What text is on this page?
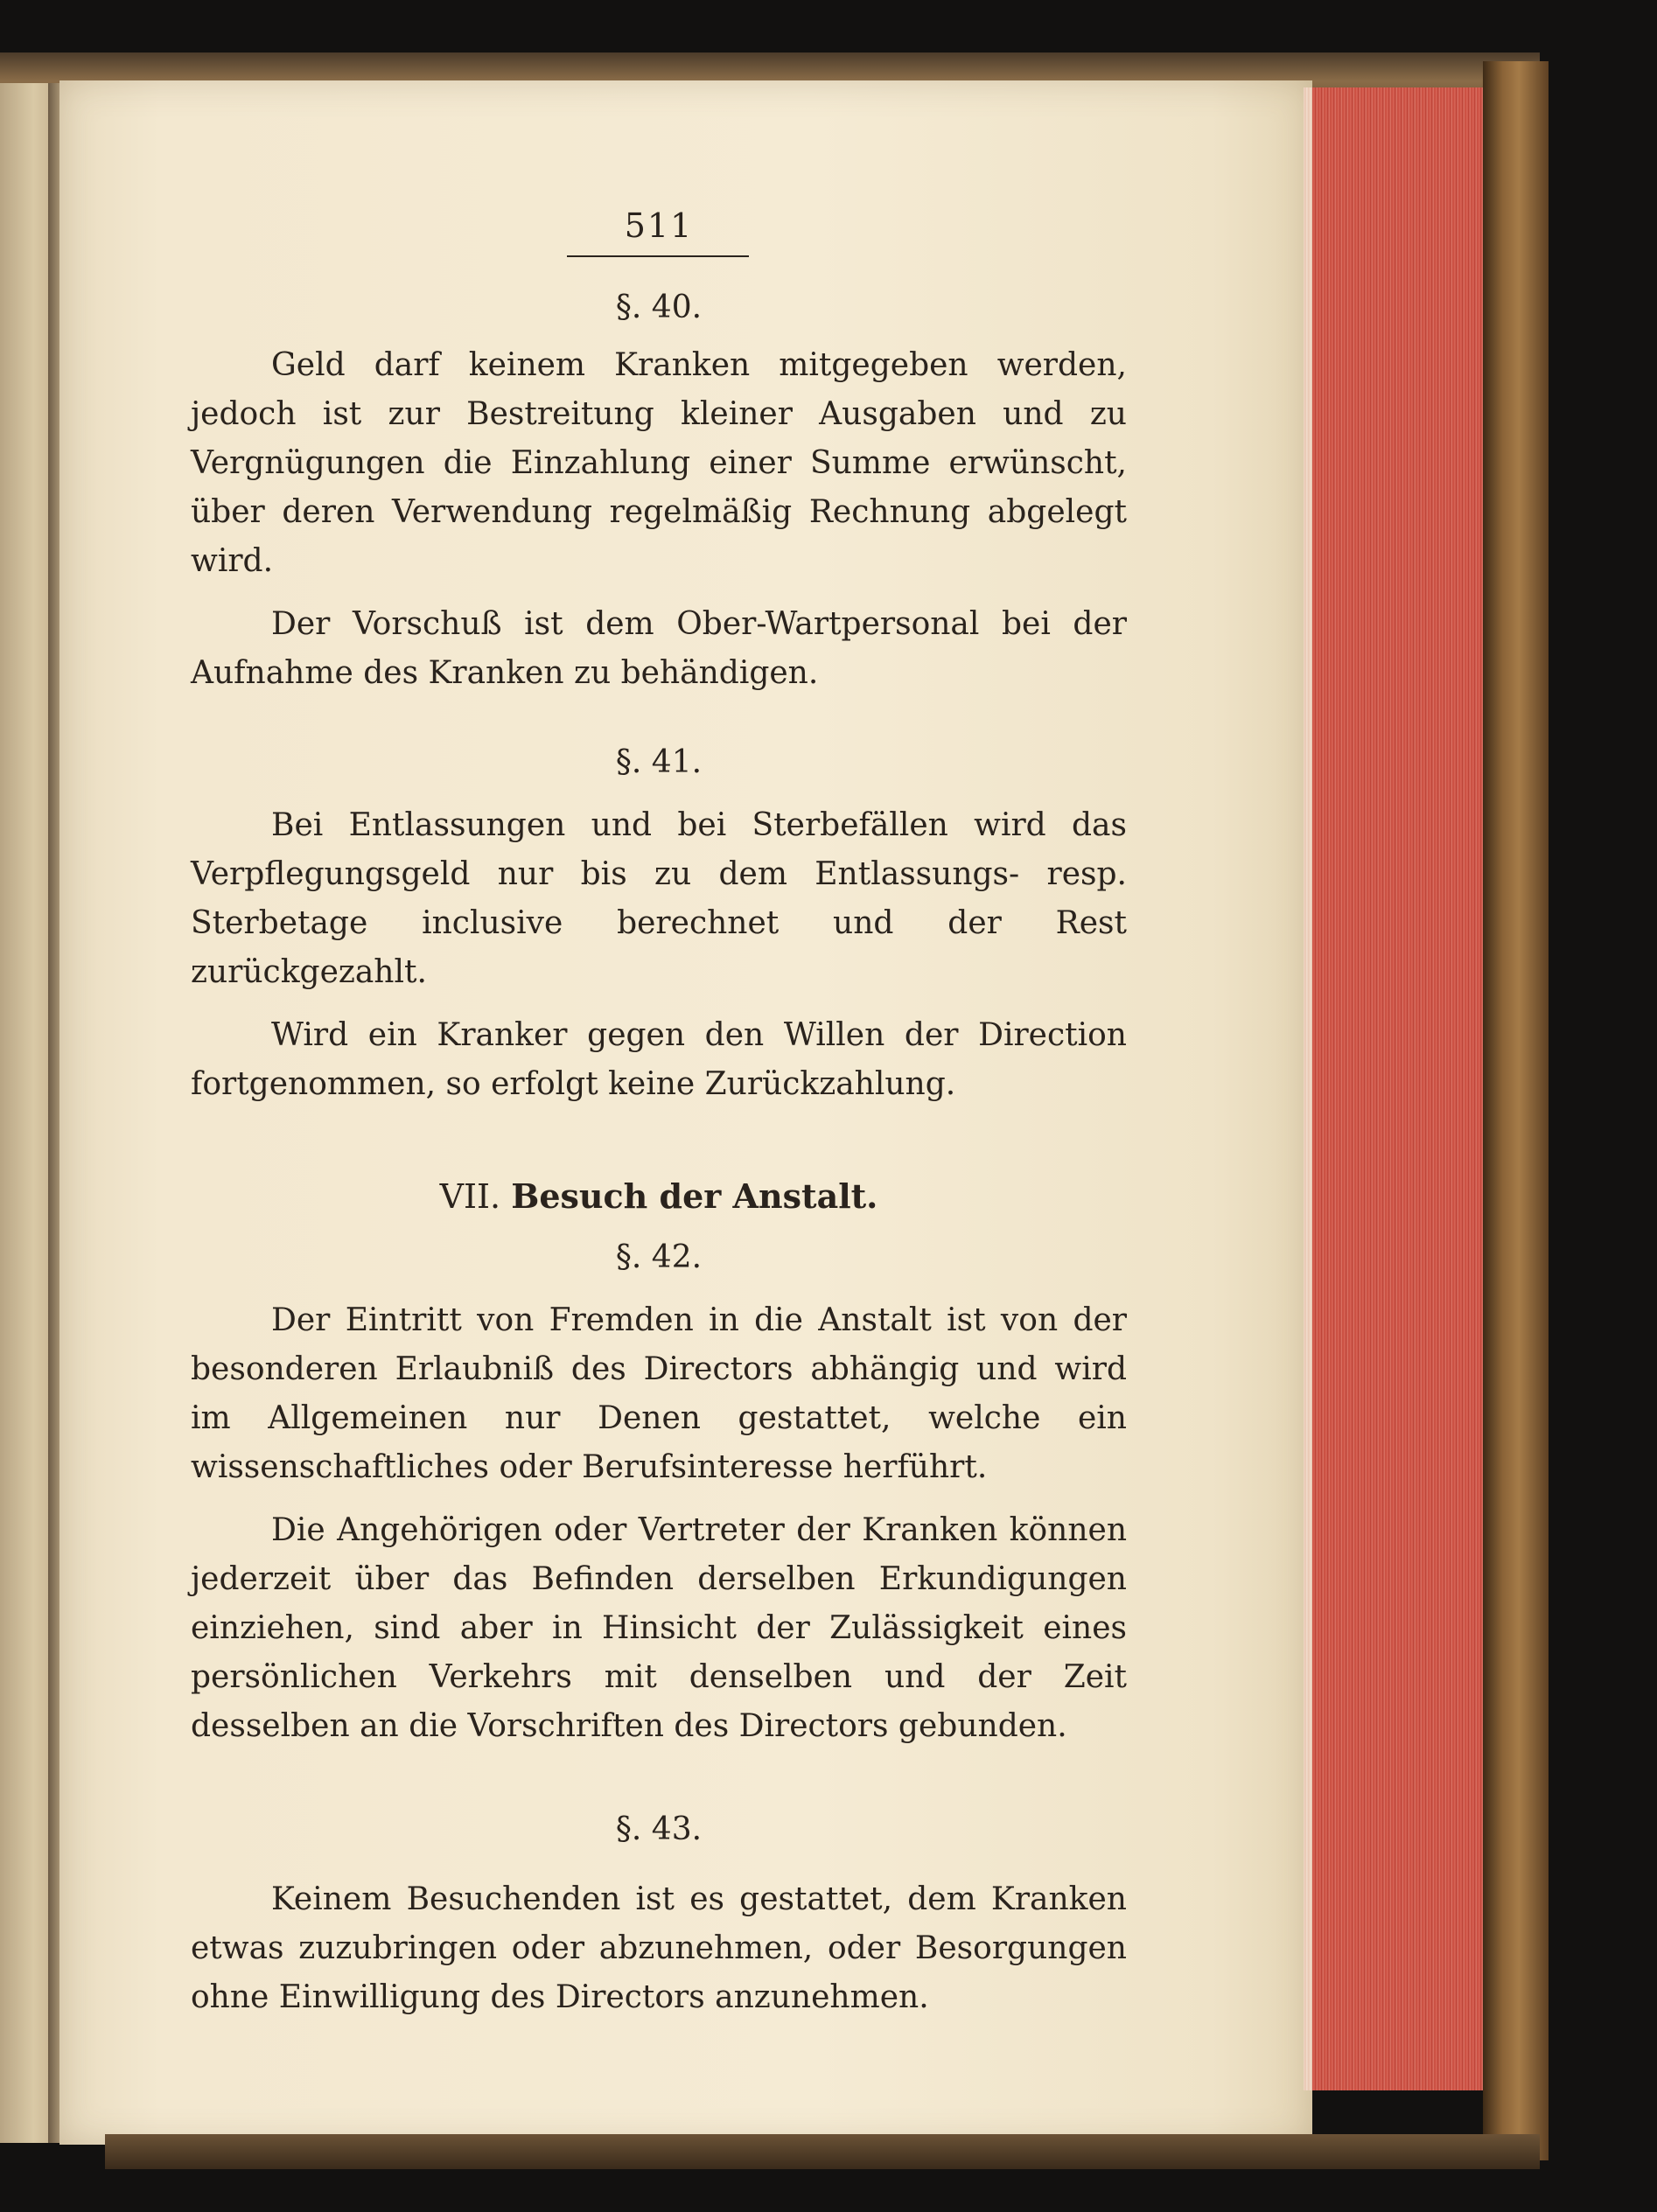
511

§. 40.

Geld darf keinem Kranken mitgegeben werden, jedoch ist zur Bestreitung kleiner Ausgaben und zu Vergnügungen die Einzahlung einer Summe erwünscht, über deren Verwendung regelmäßig Rechnung abgelegt wird.

Der Vorschuß ist dem Ober-Wartpersonal bei der Aufnahme des Kranken zu behändigen.

§. 41.

Bei Entlassungen und bei Sterbefällen wird das Verpflegungsgeld nur bis zu dem Entlassungs- resp. Sterbetage inclusive berechnet und der Rest zurückgezahlt.

Wird ein Kranker gegen den Willen der Direction fortgenommen, so erfolgt keine Zurückzahlung.

VII. Besuch der Anstalt.

§. 42.

Der Eintritt von Fremden in die Anstalt ist von der besonderen Erlaubniß des Directors abhängig und wird im Allgemeinen nur Denen gestattet, welche ein wissenschaftliches oder Berufsinteresse herführt.

Die Angehörigen oder Vertreter der Kranken können jederzeit über das Befinden derselben Erkundigungen einziehen, sind aber in Hinsicht der Zulässigkeit eines persönlichen Verkehrs mit denselben und der Zeit desselben an die Vorschriften des Directors gebunden.

§. 43.

Keinem Besuchenden ist es gestattet, dem Kranken etwas zuzubringen oder abzunehmen, oder Besorgungen ohne Einwilligung des Directors anzunehmen.
